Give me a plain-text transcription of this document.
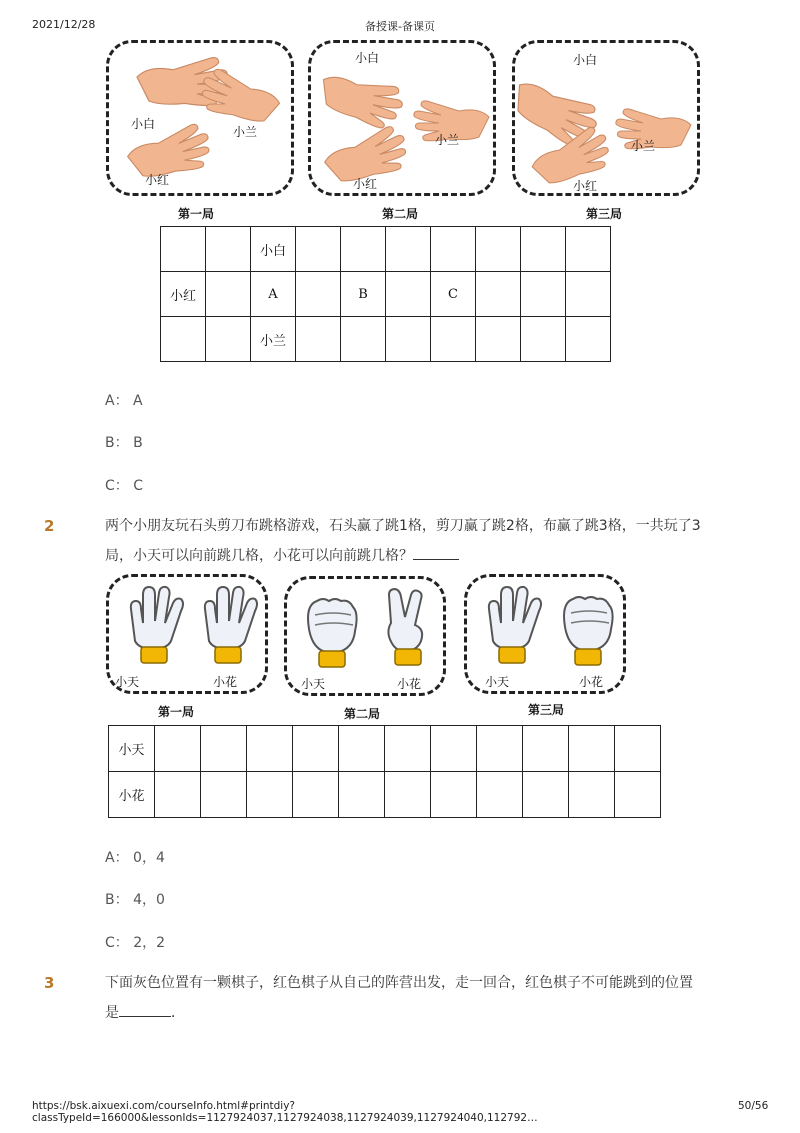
2021/12/28	备授课-备课页
小白
小兰
小红
第一局
小白
小兰
小红
第二局
小白
小兰
小红
第三局
		小白							
小红		A		B		C			
		小兰							
A： A
B： B
C： C
2	两个小朋友玩石头剪刀布跳格游戏，石头赢了跳1格，剪刀赢了跳2格，布赢了跳3格，一共玩了3
局，小天可以向前跳几格，小花可以向前跳几格？
小天	小花
第一局
小天	小花
第二局
小天	小花
第三局
小天											
小花											
A： 0，4
B： 4，0
C： 2，2
3	下面灰色位置有一颗棋子，红色棋子从自己的阵营出发，走一回合，红色棋子不可能跳到的位置
是	．
https://bsk.aixuexi.com/courseInfo.html#printdiy?classTypeId=166000&lessonIds=1127924037,1127924038,1127924039,1127924040,112792…
50/56
